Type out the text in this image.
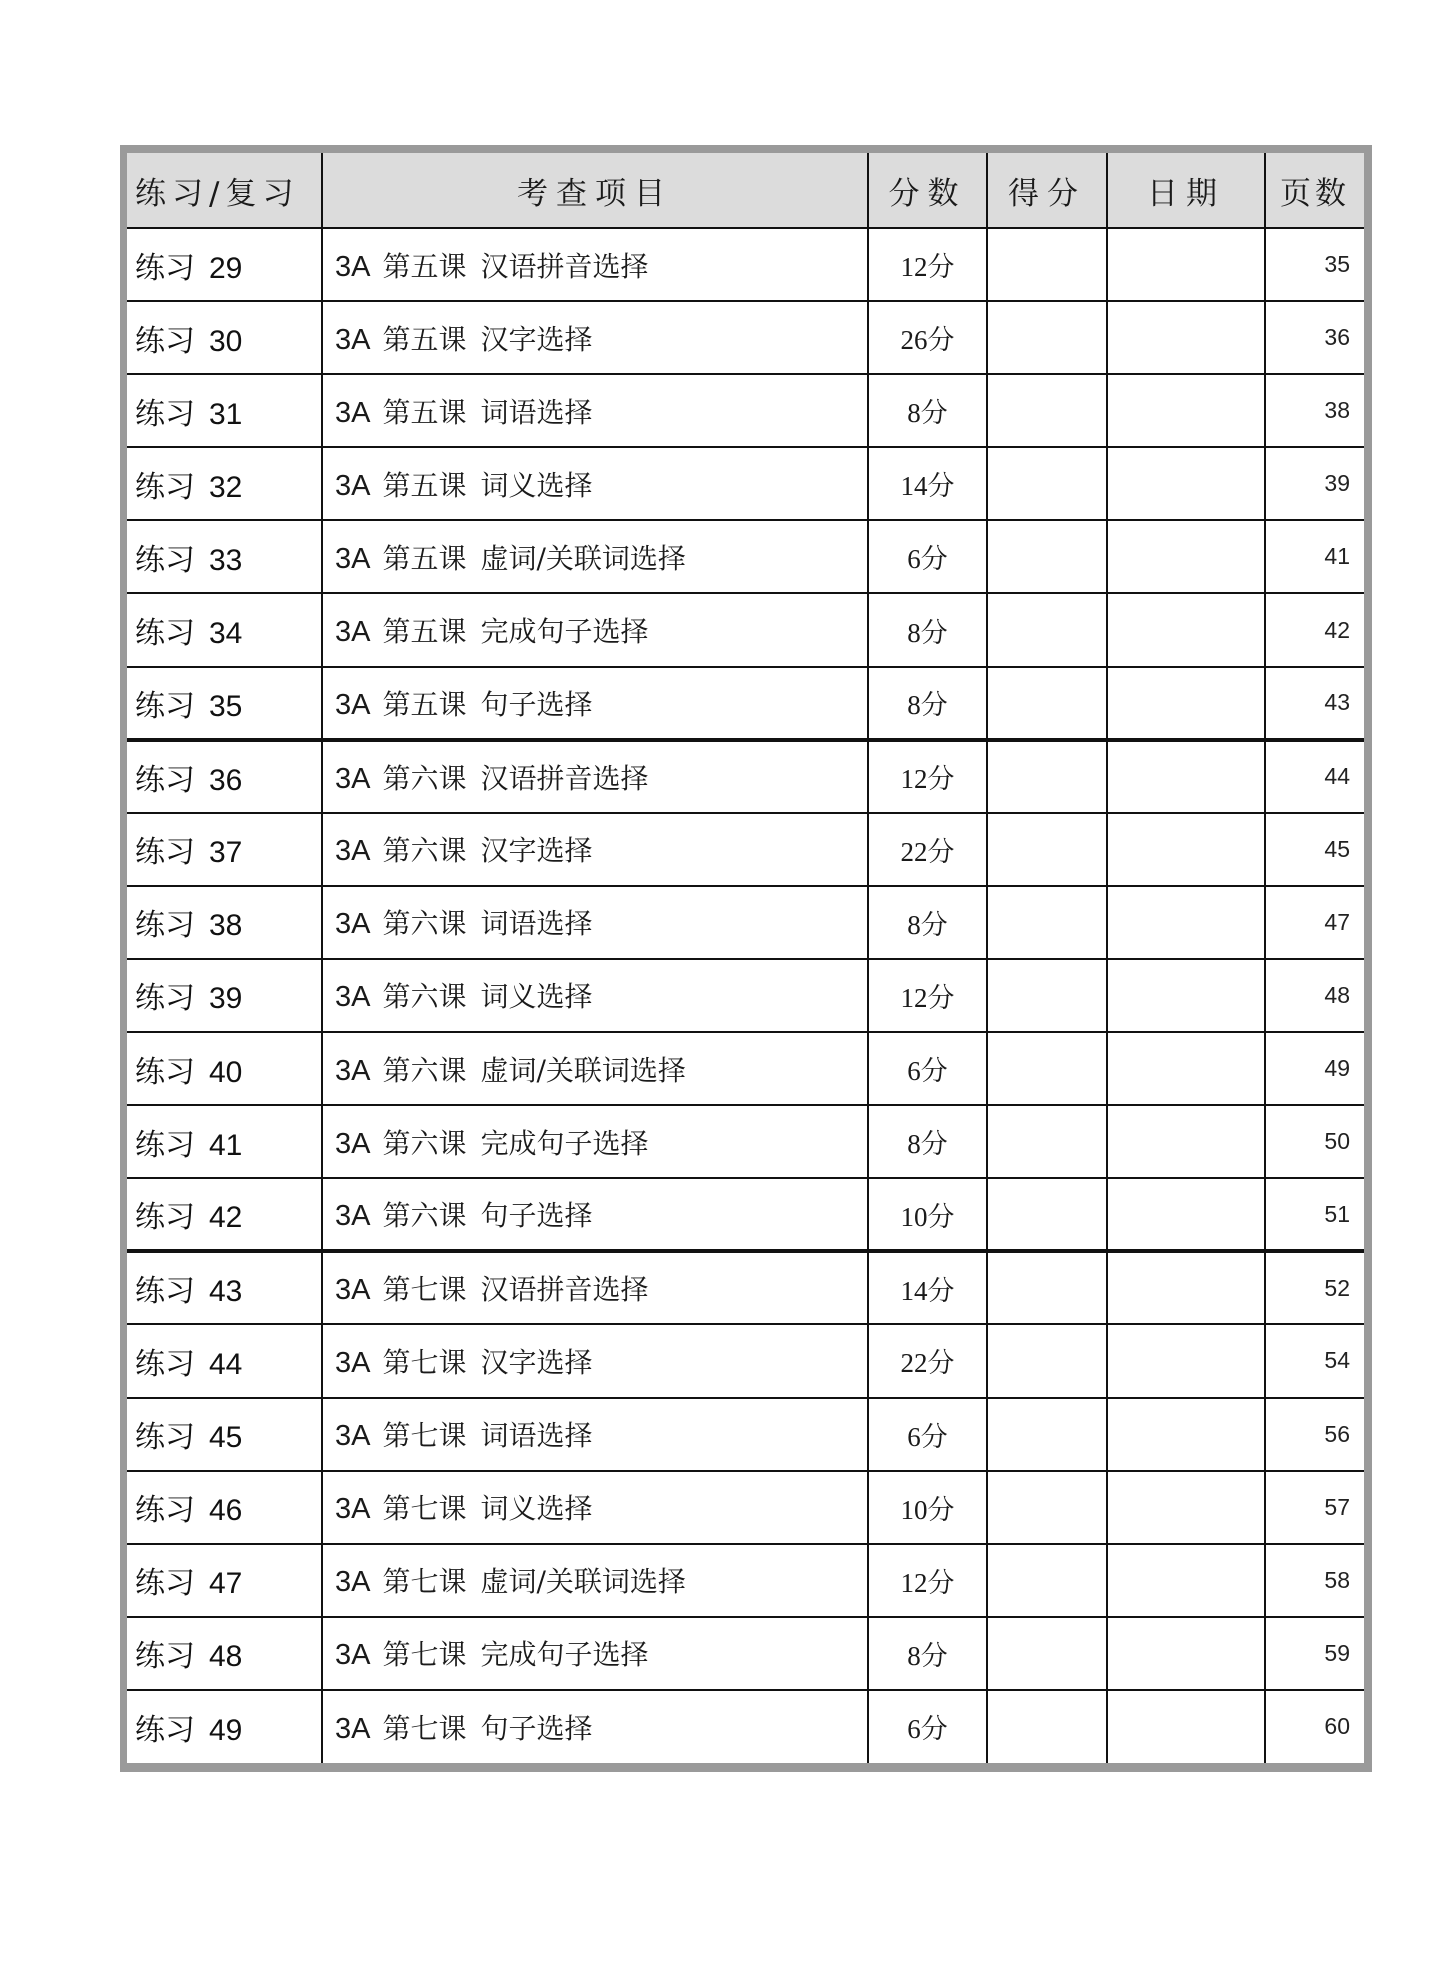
练习/复习	考查项目	分数	得分	日期	页数
练习 29	3A 第五课 汉语拼音选择	12分			35
练习 30	3A 第五课 汉字选择	26分			36
练习 31	3A 第五课 词语选择	8分			38
练习 32	3A 第五课 词义选择	14分			39
练习 33	3A 第五课 虚词/关联词选择	6分			41
练习 34	3A 第五课 完成句子选择	8分			42
练习 35	3A 第五课 句子选择	8分			43
练习 36	3A 第六课 汉语拼音选择	12分			44
练习 37	3A 第六课 汉字选择	22分			45
练习 38	3A 第六课 词语选择	8分			47
练习 39	3A 第六课 词义选择	12分			48
练习 40	3A 第六课 虚词/关联词选择	6分			49
练习 41	3A 第六课 完成句子选择	8分			50
练习 42	3A 第六课 句子选择	10分			51
练习 43	3A 第七课 汉语拼音选择	14分			52
练习 44	3A 第七课 汉字选择	22分			54
练习 45	3A 第七课 词语选择	6分			56
练习 46	3A 第七课 词义选择	10分			57
练习 47	3A 第七课 虚词/关联词选择	12分			58
练习 48	3A 第七课 完成句子选择	8分			59
练习 49	3A 第七课 句子选择	6分			60
